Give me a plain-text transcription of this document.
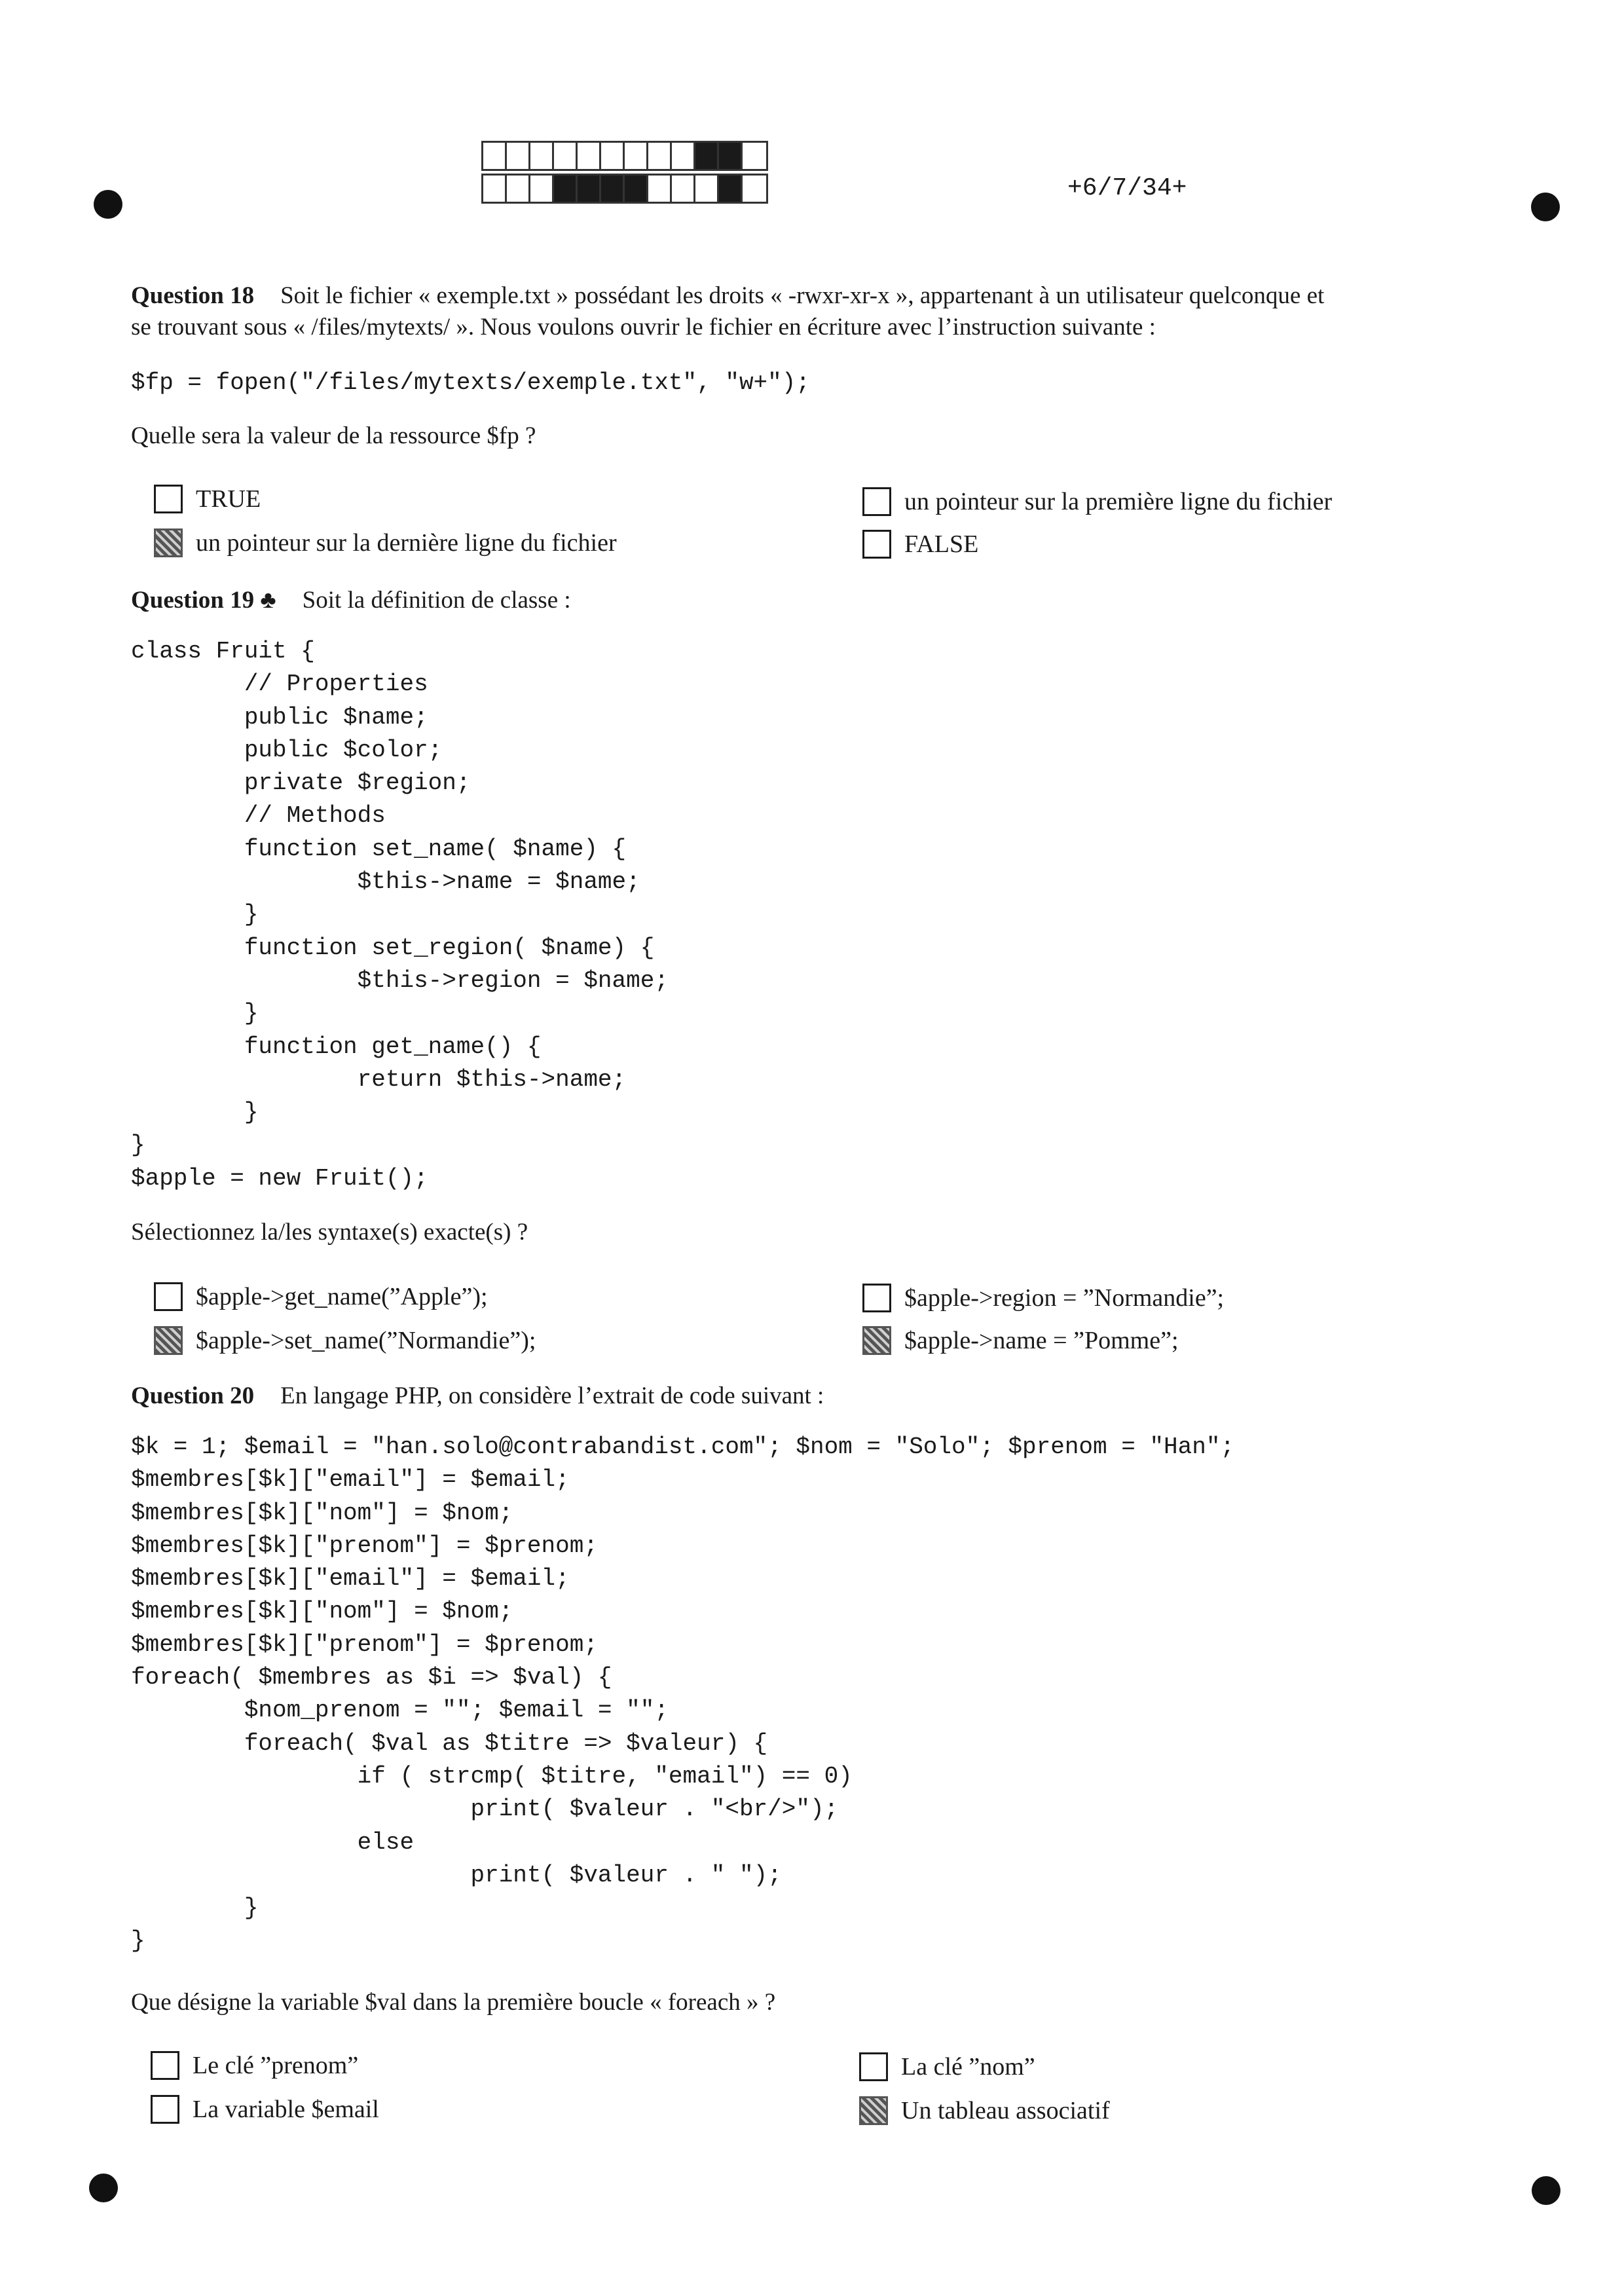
+6/7/34+
Question 18 Soit le fichier « exemple.txt » possédant les droits « -rwxr-xr-x », appartenant à un utilisateur quelconque et
se trouvant sous « /files/mytexts/ ». Nous voulons ouvrir le fichier en écriture avec l’instruction suivante :
$fp = fopen("/files/mytexts/exemple.txt", "w+");
Quelle sera la valeur de la ressource $fp ?
TRUE	un pointeur sur la première ligne du fichier
un pointeur sur la dernière ligne du fichier	FALSE
Question 19 ♣ Soit la définition de classe :
class Fruit {
// Properties
public $name;
public $color;
private $region;
// Methods
function set_name( $name) {
$this->name = $name;
}
function set_region( $name) {
$this->region = $name;
}
function get_name() {
return $this->name;
}
}
$apple = new Fruit();
Sélectionnez la/les syntaxe(s) exacte(s) ?
$apple->get_name(”Apple”);	$apple->region = ”Normandie”;
$apple->set_name(”Normandie”);	$apple->name = ”Pomme”;
Question 20 En langage PHP, on considère l’extrait de code suivant :
$k = 1; $email = "han.solo@contrabandist.com"; $nom = "Solo"; $prenom = "Han";
$membres[$k]["email"] = $email;
$membres[$k]["nom"] = $nom;
$membres[$k]["prenom"] = $prenom;
$membres[$k]["email"] = $email;
$membres[$k]["nom"] = $nom;
$membres[$k]["prenom"] = $prenom;
foreach( $membres as $i => $val) {
$nom_prenom = ""; $email = "";
foreach( $val as $titre => $valeur) {
if ( strcmp( $titre, "email") == 0)
print( $valeur . "<br/>");
else
print( $valeur . " ");
}
}
Que désigne la variable $val dans la première boucle « foreach » ?
Le clé ”prenom”	La clé ”nom”
La variable $email	Un tableau associatif
